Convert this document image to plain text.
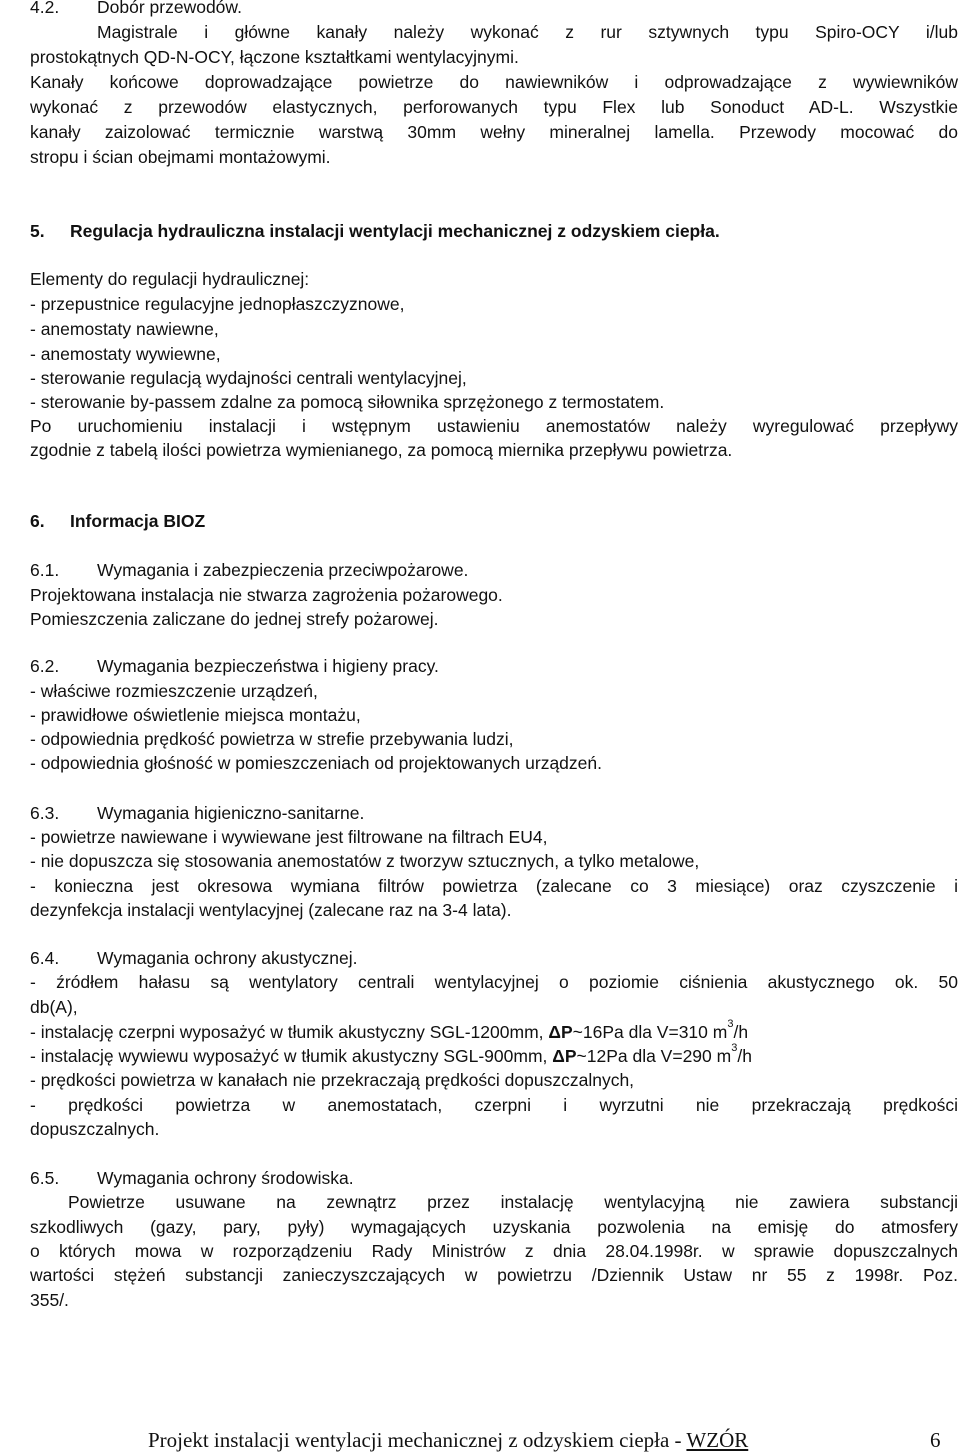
4.2. Dobór przewodów.
Magistrale i główne kanały należy wykonać z rur sztywnych typu Spiro-OCY i/lub
prostokątnych QD-N-OCY, łączone kształtkami wentylacyjnymi.
Kanały końcowe doprowadzające powietrze do nawiewników i odprowadzające z wywiewników
wykonać z przewodów elastycznych, perforowanych typu Flex lub Sonoduct AD-L. Wszystkie
kanały zaizolować termicznie warstwą 30mm wełny mineralnej lamella. Przewody mocować do
stropu i ścian obejmami montażowymi.
5. Regulacja hydrauliczna instalacji wentylacji mechanicznej z odzyskiem ciepła.
Elementy do regulacji hydraulicznej:
- przepustnice regulacyjne jednopłaszczyznowe,
- anemostaty nawiewne,
- anemostaty wywiewne,
- sterowanie regulacją wydajności centrali wentylacyjnej,
- sterowanie by-passem zdalne za pomocą siłownika sprzężonego z termostatem.
Po uruchomieniu instalacji i wstępnym ustawieniu anemostatów należy wyregulować przepływy
zgodnie z tabelą ilości powietrza wymienianego, za pomocą miernika przepływu powietrza.
6. Informacja BIOZ
6.1. Wymagania i zabezpieczenia przeciwpożarowe.
Projektowana instalacja nie stwarza zagrożenia pożarowego.
Pomieszczenia zaliczane do jednej strefy pożarowej.
6.2. Wymagania bezpieczeństwa i higieny pracy.
- właściwe rozmieszczenie urządzeń,
- prawidłowe oświetlenie miejsca montażu,
- odpowiednia prędkość powietrza w strefie przebywania ludzi,
- odpowiednia głośność w pomieszczeniach od projektowanych urządzeń.
6.3. Wymagania higieniczno-sanitarne.
- powietrze nawiewane i wywiewane jest filtrowane na filtrach EU4,
- nie dopuszcza się stosowania anemostatów z tworzyw sztucznych, a tylko metalowe,
- konieczna jest okresowa wymiana filtrów powietrza (zalecane co 3 miesiące) oraz czyszczenie i
dezynfekcja instalacji wentylacyjnej (zalecane raz na 3-4 lata).
6.4. Wymagania ochrony akustycznej.
- źródłem hałasu są wentylatory centrali wentylacyjnej o poziomie ciśnienia akustycznego ok. 50
db(A),
- instalację czerpni wyposażyć w tłumik akustyczny SGL-1200mm, ΔP~16Pa dla V=310 $m^3/h$
- instalację wywiewu wyposażyć w tłumik akustyczny SGL-900mm, ΔP~12Pa dla V=290 $m^3/h$
- prędkości powietrza w kanałach nie przekraczają prędkości dopuszczalnych,
- prędkości powietrza w anemostatach, czerpni i wyrzutni nie przekraczają prędkości
dopuszczalnych.
6.5. Wymagania ochrony środowiska.
Powietrze usuwane na zewnątrz przez instalację wentylacyjną nie zawiera substancji
szkodliwych (gazy, pary, pyły) wymagających uzyskania pozwolenia na emisję do atmosfery
o których mowa w rozporządzeniu Rady Ministrów z dnia 28.04.1998r. w sprawie dopuszczalnych
wartości stężeń substancji zanieczyszczających w powietrzu /Dziennik Ustaw nr 55 z 1998r. Poz.
355/.
Projekt instalacji wentylacji mechanicznej z odzyskiem ciepła - WZÓR	6
